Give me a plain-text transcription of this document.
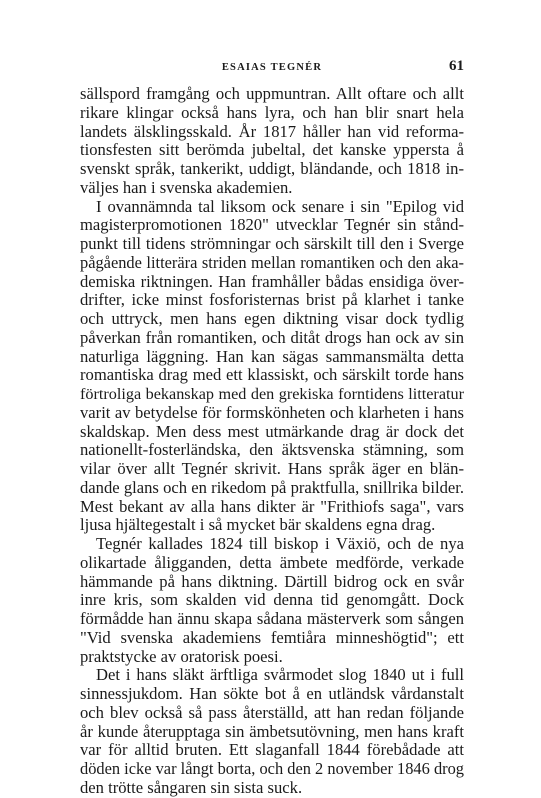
ESAIAS TEGNÉR	61
sällspord framgång och uppmuntran. Allt oftare och allt
rikare klingar också hans lyra, och han blir snart hela
landets älsklingsskald. År 1817 håller han vid reforma-
tionsfesten sitt berömda jubeltal, det kanske yppersta å
svenskt språk, tankerikt, uddigt, bländande, och 1818 in-
väljes han i svenska akademien.
I ovannämnda tal liksom ock senare i sin "Epilog vid
magisterpromotionen 1820" utvecklar Tegnér sin stånd-
punkt till tidens strömningar och särskilt till den i Sverge
pågående litterära striden mellan romantiken och den aka-
demiska riktningen. Han framhåller bådas ensidiga över-
drifter, icke minst fosforisternas brist på klarhet i tanke
och uttryck, men hans egen diktning visar dock tydlig
påverkan från romantiken, och ditåt drogs han ock av sin
naturliga läggning. Han kan sägas sammansmälta detta
romantiska drag med ett klassiskt, och särskilt torde hans
förtroliga bekanskap med den grekiska forntidens litteratur
varit av betydelse för formskönheten och klarheten i hans
skaldskap. Men dess mest utmärkande drag är dock det
nationellt-fosterländska, den äktsvenska stämning, som
vilar över allt Tegnér skrivit. Hans språk äger en blän-
dande glans och en rikedom på praktfulla, snillrika bilder.
Mest bekant av alla hans dikter är "Frithiofs saga", vars
ljusa hjältegestalt i så mycket bär skaldens egna drag.
Tegnér kallades 1824 till biskop i Växiö, och de nya
olikartade åligganden, detta ämbete medförde, verkade
hämmande på hans diktning. Därtill bidrog ock en svår
inre kris, som skalden vid denna tid genomgått. Dock
förmådde han ännu skapa sådana mästerverk som sången
"Vid svenska akademiens femtiåra minneshögtid"; ett
praktstycke av oratorisk poesi.
Det i hans släkt ärftliga svårmodet slog 1840 ut i full
sinnessjukdom. Han sökte bot å en utländsk vårdanstalt
och blev också så pass återställd, att han redan följande
år kunde återupptaga sin ämbetsutövning, men hans kraft
var för alltid bruten. Ett slaganfall 1844 förebådade att
döden icke var långt borta, och den 2 november 1846 drog
den trötte sångaren sin sista suck.
